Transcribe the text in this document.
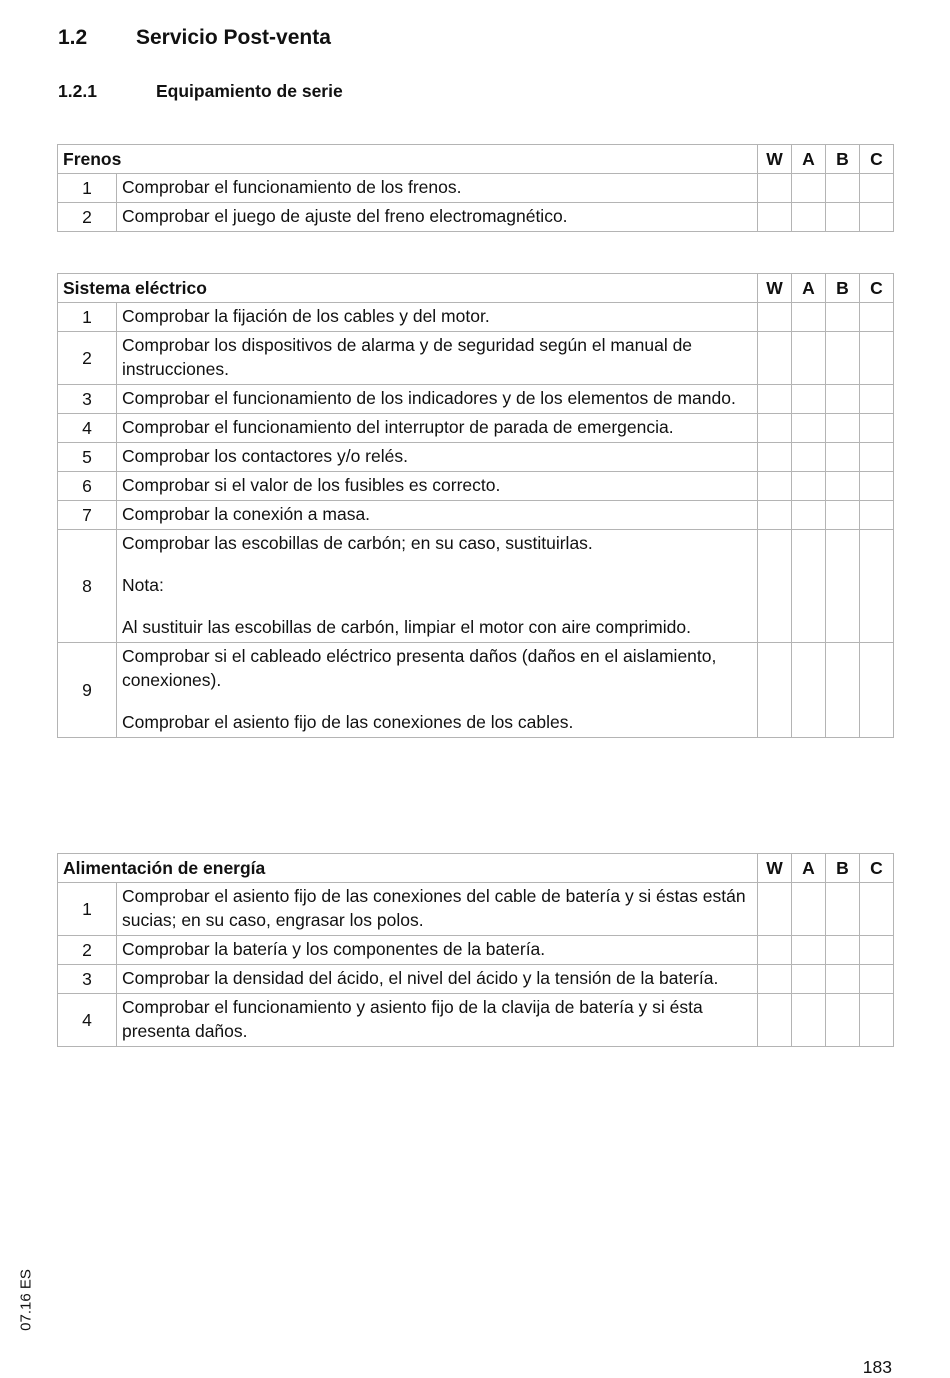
1.2 Servicio Post-venta
1.2.1	Equipamiento de serie
Frenos		W	A	B	C
1	Comprobar el funcionamiento de los frenos.				

2	Comprobar el juego de ajuste del freno electromagnético.				

Sistema eléctrico		W	A	B	C
1	Comprobar la fijación de los cables y del motor.				

2	Comprobar los dispositivos de alarma y de seguridad según el manual de instrucciones.				

3	Comprobar el funcionamiento de los indicadores y de los elementos de mando.				

4	Comprobar el funcionamiento del interruptor de parada de emergencia.				

5	Comprobar los contactores y/o relés.				

6	Comprobar si el valor de los fusibles es correcto.				

7	Comprobar la conexión a masa.				

8	Comprobar las escobillas de carbón; en su caso, sustituirlas.
Nota:
Al sustituir las escobillas de carbón, limpiar el motor con aire comprimido.				

9	Comprobar si el cableado eléctrico presenta daños (daños en el aislamiento, conexiones).
Comprobar el asiento fijo de las conexiones de los cables.				

Alimentación de energía		W	A	B	C
1	Comprobar el asiento fijo de las conexiones del cable de batería y si éstas están sucias; en su caso, engrasar los polos.				

2	Comprobar la batería y los componentes de la batería.				

3	Comprobar la densidad del ácido, el nivel del ácido y la tensión de la batería.				

4	Comprobar el funcionamiento y asiento fijo de la clavija de batería y si ésta presenta daños.				

07.16 ES
183
